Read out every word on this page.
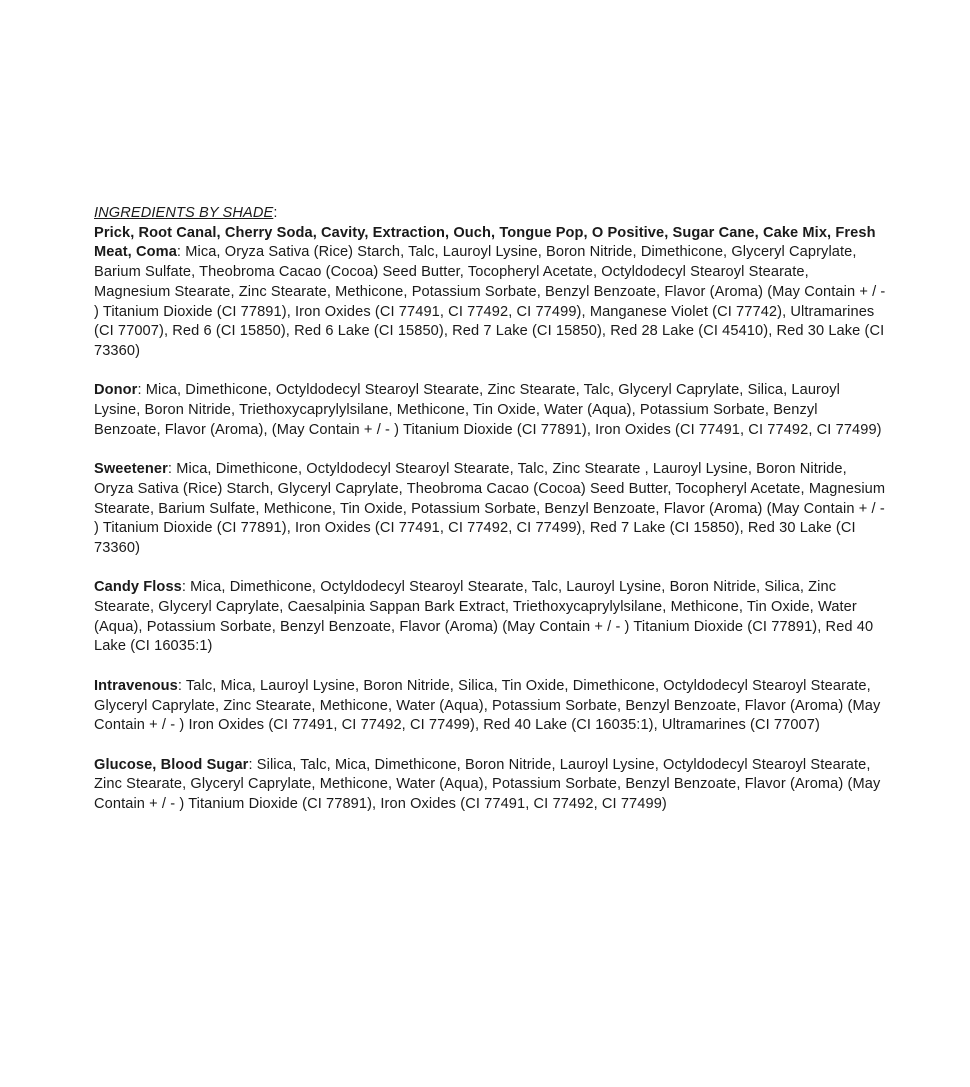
INGREDIENTS BY SHADE:

Prick, Root Canal, Cherry Soda, Cavity, Extraction, Ouch, Tongue Pop, O Positive, Sugar Cane, Cake Mix, Fresh Meat, Coma: Mica, Oryza Sativa (Rice) Starch, Talc, Lauroyl Lysine, Boron Nitride, Dimethicone, Glyceryl Caprylate, Barium Sulfate, Theobroma Cacao (Cocoa) Seed Butter, Tocopheryl Acetate, Octyldodecyl Stearoyl Stearate, Magnesium Stearate, Zinc Stearate, Methicone, Potassium Sorbate, Benzyl Benzoate, Flavor (Aroma) (May Contain + / - ) Titanium Dioxide (CI 77891), Iron Oxides (CI 77491, CI 77492, CI 77499), Manganese Violet (CI 77742), Ultramarines (CI 77007), Red 6 (CI 15850), Red 6 Lake (CI 15850), Red 7 Lake (CI 15850), Red 28 Lake (CI 45410), Red 30 Lake (CI 73360)

Donor: Mica, Dimethicone, Octyldodecyl Stearoyl Stearate, Zinc Stearate, Talc, Glyceryl Caprylate, Silica, Lauroyl Lysine, Boron Nitride, Triethoxycaprylylsilane, Methicone, Tin Oxide, Water (Aqua), Potassium Sorbate, Benzyl Benzoate, Flavor (Aroma), (May Contain + / - ) Titanium Dioxide (CI 77891), Iron Oxides (CI 77491, CI 77492, CI 77499)

Sweetener: Mica, Dimethicone, Octyldodecyl Stearoyl Stearate, Talc, Zinc Stearate , Lauroyl Lysine, Boron Nitride, Oryza Sativa (Rice) Starch, Glyceryl Caprylate, Theobroma Cacao (Cocoa) Seed Butter, Tocopheryl Acetate, Magnesium Stearate, Barium Sulfate, Methicone, Tin Oxide, Potassium Sorbate, Benzyl Benzoate, Flavor (Aroma) (May Contain + / - ) Titanium Dioxide (CI 77891), Iron Oxides (CI 77491, CI 77492, CI 77499), Red 7 Lake (CI 15850), Red 30 Lake (CI 73360)

Candy Floss: Mica, Dimethicone, Octyldodecyl Stearoyl Stearate, Talc, Lauroyl Lysine, Boron Nitride, Silica, Zinc Stearate, Glyceryl Caprylate, Caesalpinia Sappan Bark Extract, Triethoxycaprylylsilane, Methicone, Tin Oxide, Water (Aqua), Potassium Sorbate, Benzyl Benzoate, Flavor (Aroma) (May Contain + / - ) Titanium Dioxide (CI 77891), Red 40 Lake (CI 16035:1)

Intravenous: Talc, Mica, Lauroyl Lysine, Boron Nitride, Silica, Tin Oxide, Dimethicone, Octyldodecyl Stearoyl Stearate, Glyceryl Caprylate, Zinc Stearate, Methicone, Water (Aqua), Potassium Sorbate, Benzyl Benzoate, Flavor (Aroma) (May Contain + / - ) Iron Oxides (CI 77491, CI 77492, CI 77499), Red 40 Lake (CI 16035:1), Ultramarines (CI 77007)

Glucose, Blood Sugar: Silica, Talc, Mica, Dimethicone, Boron Nitride, Lauroyl Lysine, Octyldodecyl Stearoyl Stearate, Zinc Stearate, Glyceryl Caprylate, Methicone, Water (Aqua), Potassium Sorbate, Benzyl Benzoate, Flavor (Aroma) (May Contain + / - ) Titanium Dioxide (CI 77891), Iron Oxides (CI 77491, CI 77492, CI 77499)
